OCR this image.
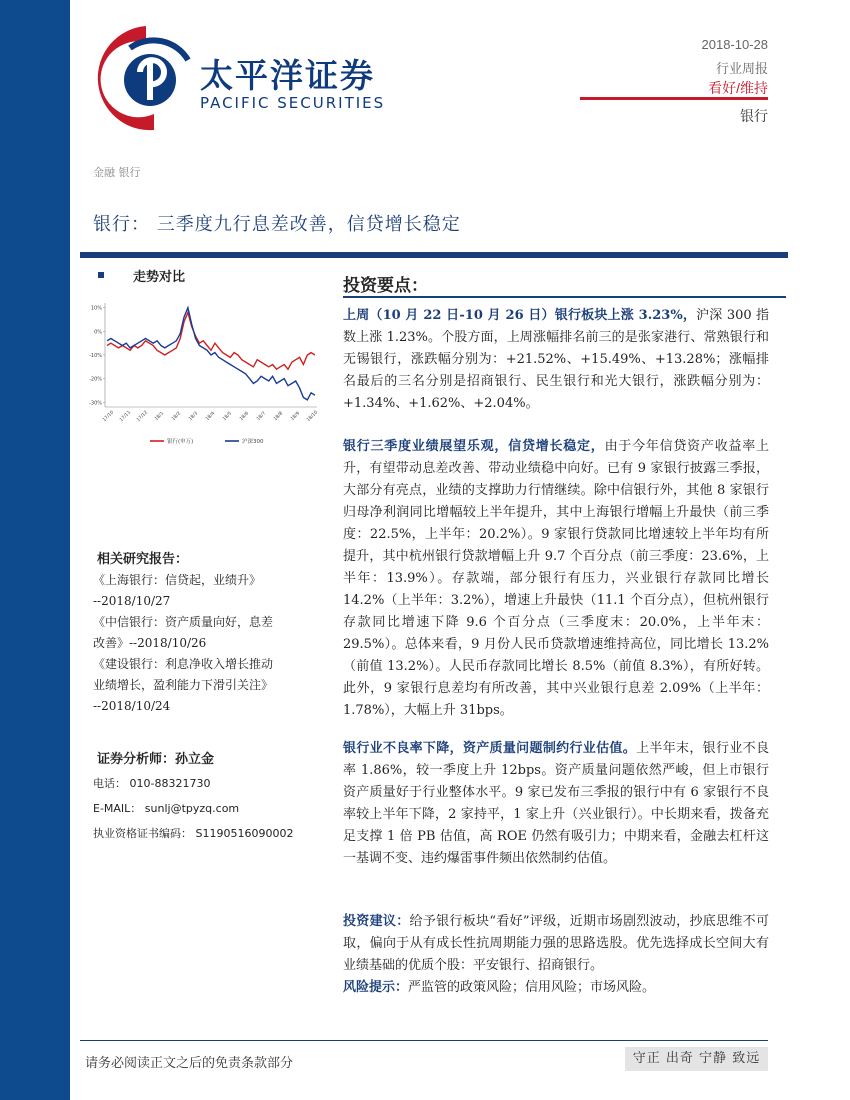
太平洋证券
PACIFIC SECURITIES
2018-10-28
行业周报
看好/维持
银行
金融 银行
银行： 三季度九行息差改善，信贷增长稳定
走势对比
10%
0%
-10%
-20%
-30%
17/10 17/11 17/12 18/1 18/2 18/3 18/4 18/5 18/6 18/7 18/8 18/9 18/10
银行(申万)	沪深300
相关研究报告：
《上海银行：信贷起，业绩升》
--2018/10/27
《中信银行：资产质量向好，息差
改善》--2018/10/26
《建设银行：利息净收入增长推动
业绩增长，盈利能力下滑引关注》
--2018/10/24
证券分析师：孙立金
电话： 010-88321730
E-MAIL： sunlj@tpyzq.com
执业资格证书编码： S1190516090002
投资要点：
上周（10 月 22 日-10 月 26 日）银行板块上涨 3.23%，沪深 300 指数上涨 1.23%。个股方面，上周涨幅排名前三的是张家港行、常熟银行和无锡银行，涨跌幅分别为：+21.52%、+15.49%、+13.28%；涨幅排名最后的三名分别是招商银行、民生银行和光大银行，涨跌幅分别为：+1.34%、+1.62%、+2.04%。
银行三季度业绩展望乐观，信贷增长稳定，由于今年信贷资产收益率上升，有望带动息差改善、带动业绩稳中向好。已有 9 家银行披露三季报，大部分有亮点，业绩的支撑助力行情继续。除中信银行外，其他 8 家银行归母净利润同比增幅较上半年提升，其中上海银行增幅上升最快（前三季度：22.5%，上半年：20.2%）。9 家银行贷款同比增速较上半年均有所提升，其中杭州银行贷款增幅上升 9.7 个百分点（前三季度：23.6%，上半年：13.9%）。存款端，部分银行有压力，兴业银行存款同比增长 14.2%（上半年：3.2%），增速上升最快（11.1 个百分点），但杭州银行存款同比增速下降 9.6 个百分点（三季度末：20.0%，上半年末：29.5%）。总体来看，9 月份人民币贷款增速维持高位，同比增长 13.2%（前值 13.2%）。人民币存款同比增长 8.5%（前值 8.3%），有所好转。此外，9 家银行息差均有所改善，其中兴业银行息差 2.09%（上半年：1.78%），大幅上升 31bps。
银行业不良率下降，资产质量问题制约行业估值。上半年末，银行业不良率 1.86%，较一季度上升 12bps。资产质量问题依然严峻，但上市银行资产质量好于行业整体水平。9 家已发布三季报的银行中有 6 家银行不良率较上半年下降，2 家持平，1 家上升（兴业银行）。中长期来看，拨备充足支撑 1 倍 PB 估值，高 ROE 仍然有吸引力；中期来看，金融去杠杆这一基调不变、违约爆雷事件频出依然制约估值。
投资建议：给予银行板块“看好”评级，近期市场剧烈波动，抄底思维不可取，偏向于从有成长性抗周期能力强的思路选股。优先选择成长空间大有业绩基础的优质个股：平安银行、招商银行。
风险提示：严监管的政策风险；信用风险；市场风险。
请务必阅读正文之后的免责条款部分	守正 出奇 宁静 致远
